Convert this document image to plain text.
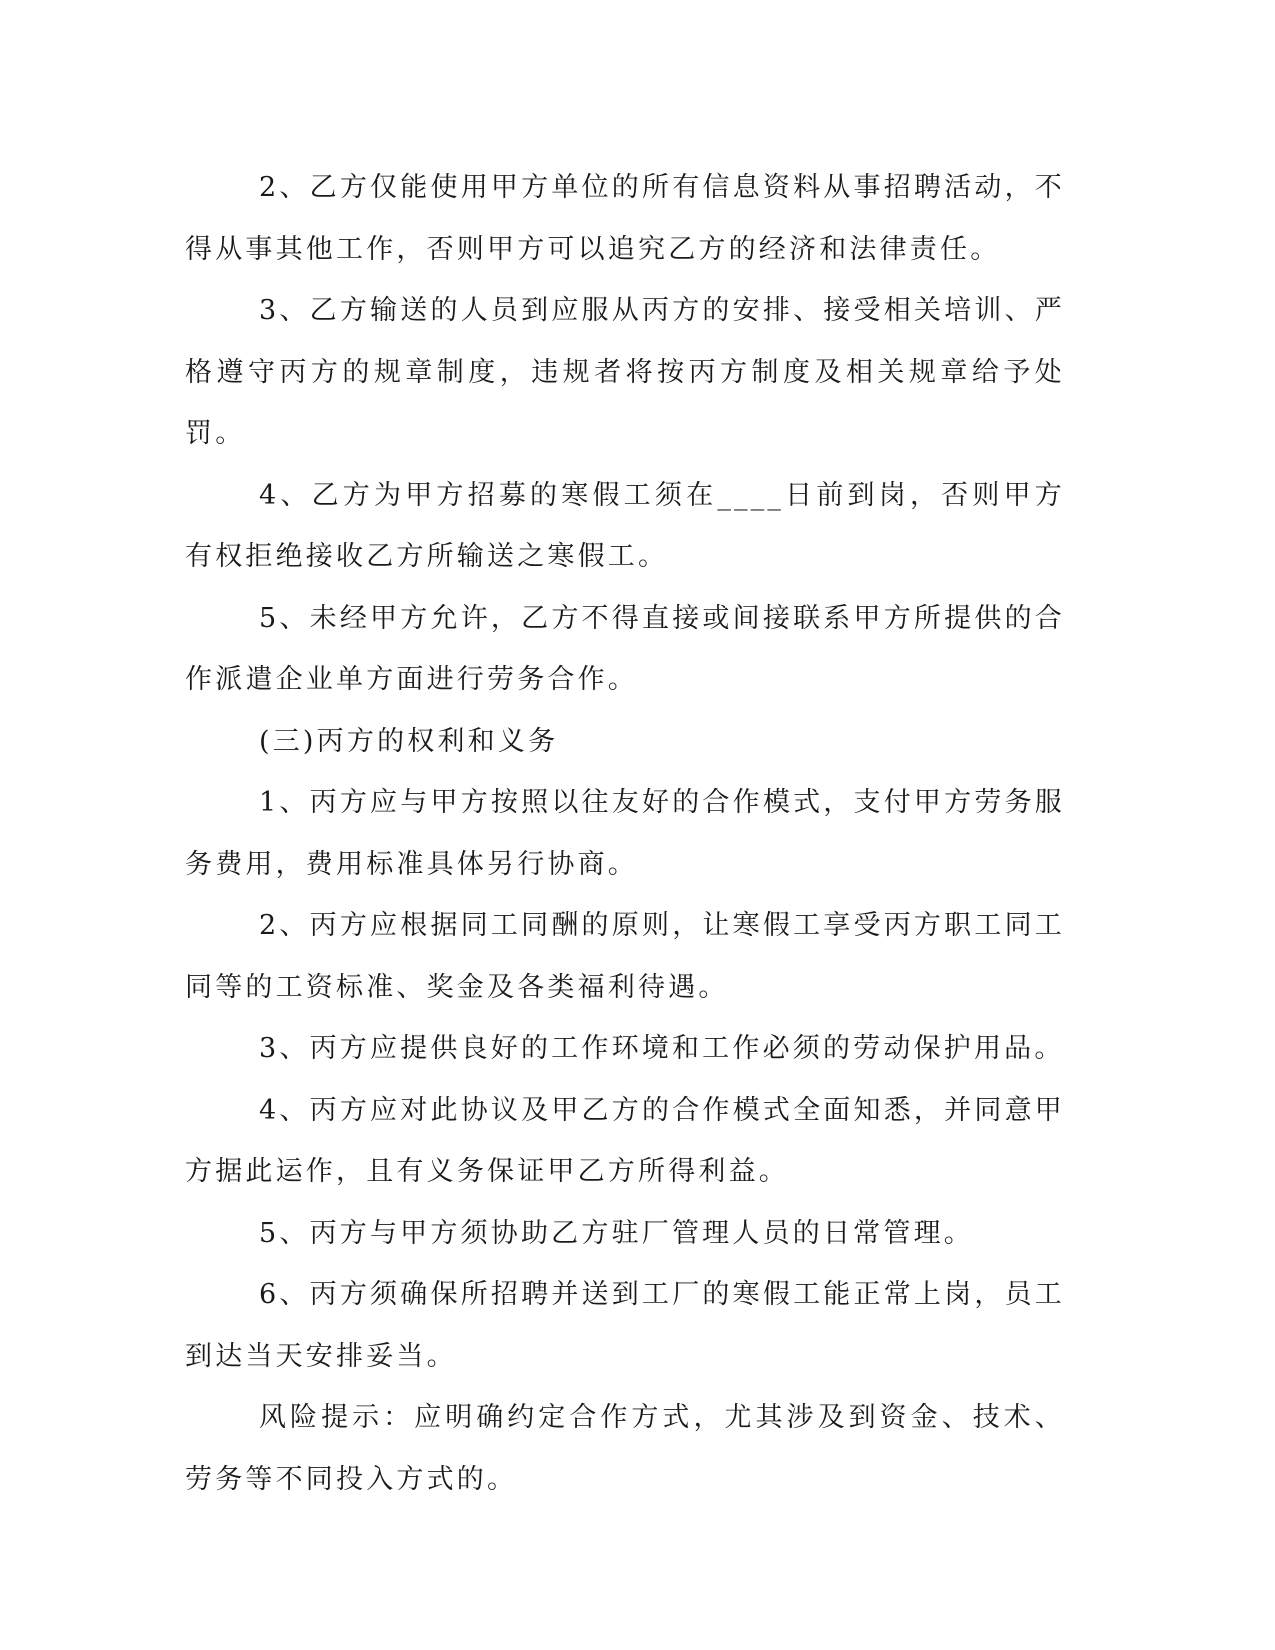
2、乙方仅能使用甲方单位的所有信息资料从事招聘活动，不得从事其他工作，否则甲方可以追究乙方的经济和法律责任。

3、乙方输送的人员到应服从丙方的安排、接受相关培训、严格遵守丙方的规章制度，违规者将按丙方制度及相关规章给予处罚。

4、乙方为甲方招募的寒假工须在____日前到岗，否则甲方有权拒绝接收乙方所输送之寒假工。

5、未经甲方允许，乙方不得直接或间接联系甲方所提供的合作派遣企业单方面进行劳务合作。

(三)丙方的权利和义务

1、丙方应与甲方按照以往友好的合作模式，支付甲方劳务服务费用，费用标准具体另行协商。

2、丙方应根据同工同酬的原则，让寒假工享受丙方职工同工同等的工资标准、奖金及各类福利待遇。

3、丙方应提供良好的工作环境和工作必须的劳动保护用品。

4、丙方应对此协议及甲乙方的合作模式全面知悉，并同意甲方据此运作，且有义务保证甲乙方所得利益。

5、丙方与甲方须协助乙方驻厂管理人员的日常管理。

6、丙方须确保所招聘并送到工厂的寒假工能正常上岗，员工到达当天安排妥当。

风险提示：应明确约定合作方式，尤其涉及到资金、技术、劳务等不同投入方式的。
